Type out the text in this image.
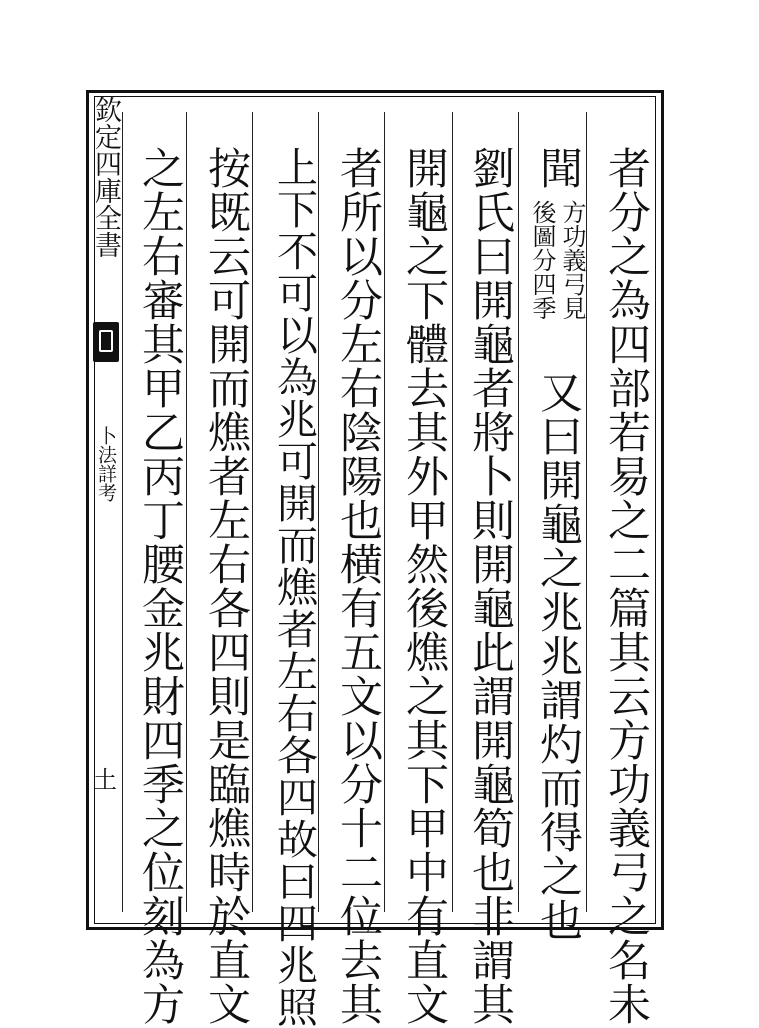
欽定四庫全書
卜法詳考
土	者分之為四部若易之二篇其云方功義弓之名未
聞
方功義弓見
後圖分四季
又曰開龜之兆兆謂灼而得之也
劉氏曰開龜者將卜則開龜此謂開龜筍也非謂其
開龜之下體去其外甲然後燋之其下甲中有直文
者所以分左右陰陽也横有五文以分十二位去其
上下不可以為兆可開而燋者左右各四故曰四兆照
按既云可開而燋者左右各四則是臨燋時於直文
之左右審其甲乙丙丁腰金兆財四季之位刻為方
